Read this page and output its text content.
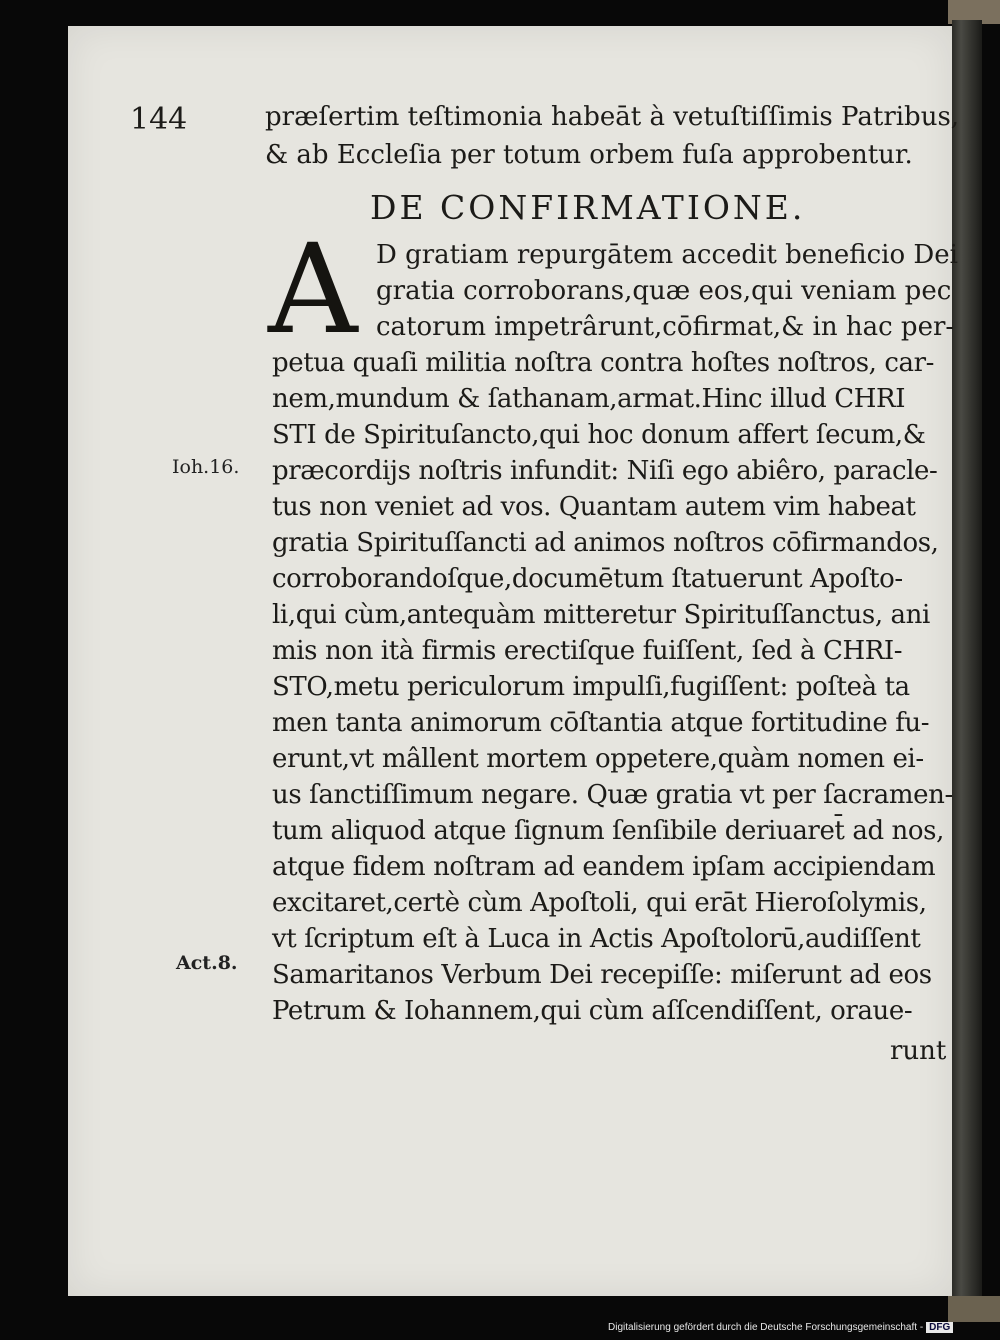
144	præſertim teſtimonia habeāt à vetuſtiſſimis Patribus,
& ab Eccleſia per totum orbem fuſa approbentur.
DE CONFIRMATIONE.
A D gratiam repurgātem accedit beneficio Dei
gratia corroborans,quæ eos,qui veniam pec
catorum impetrârunt,cōfirmat,& in hac per-
petua quaſi militia noſtra contra hoſtes noſtros, car-
nem,mundum & ſathanam,armat.Hinc illud CHRI
STI de Spirituſancto,qui hoc donum affert ſecum,&
præcordijs noſtris infundit: Niſi ego abiêro, paracle-
tus non veniet ad vos. Quantam autem vim habeat
gratia Spirituſſancti ad animos noſtros cōfirmandos,
corroborandoſque,documētum ſtatuerunt Apoſto-
li,qui cùm,antequàm mitteretur Spirituſſanctus, ani
mis non ità firmis erectiſque fuiſſent, ſed à CHRI-
STO,metu periculorum impulſi,fugiſſent: poſteà ta
men tanta animorum cōſtantia atque fortitudine fu-
erunt,vt mâllent mortem oppetere,quàm nomen ei-
us ſanctiſſimum negare. Quæ gratia vt per ſacramen-
tum aliquod atque ſignum ſenſibile deriuaret̄ ad nos,
atque fidem noſtram ad eandem ipſam accipiendam
excitaret,certè cùm Apoſtoli, qui erāt Hieroſolymis,
vt ſcriptum eſt à Luca in Actis Apoſtolorū,audiſſent
Samaritanos Verbum Dei recepiſſe: miſerunt ad eos
Petrum & Iohannem,qui cùm aſſcendiſſent, oraue-
runt
Ioh.16.
Act.8.
Digitalisierung gefördert durch die Deutsche Forschungsgemeinschaft - DFG
